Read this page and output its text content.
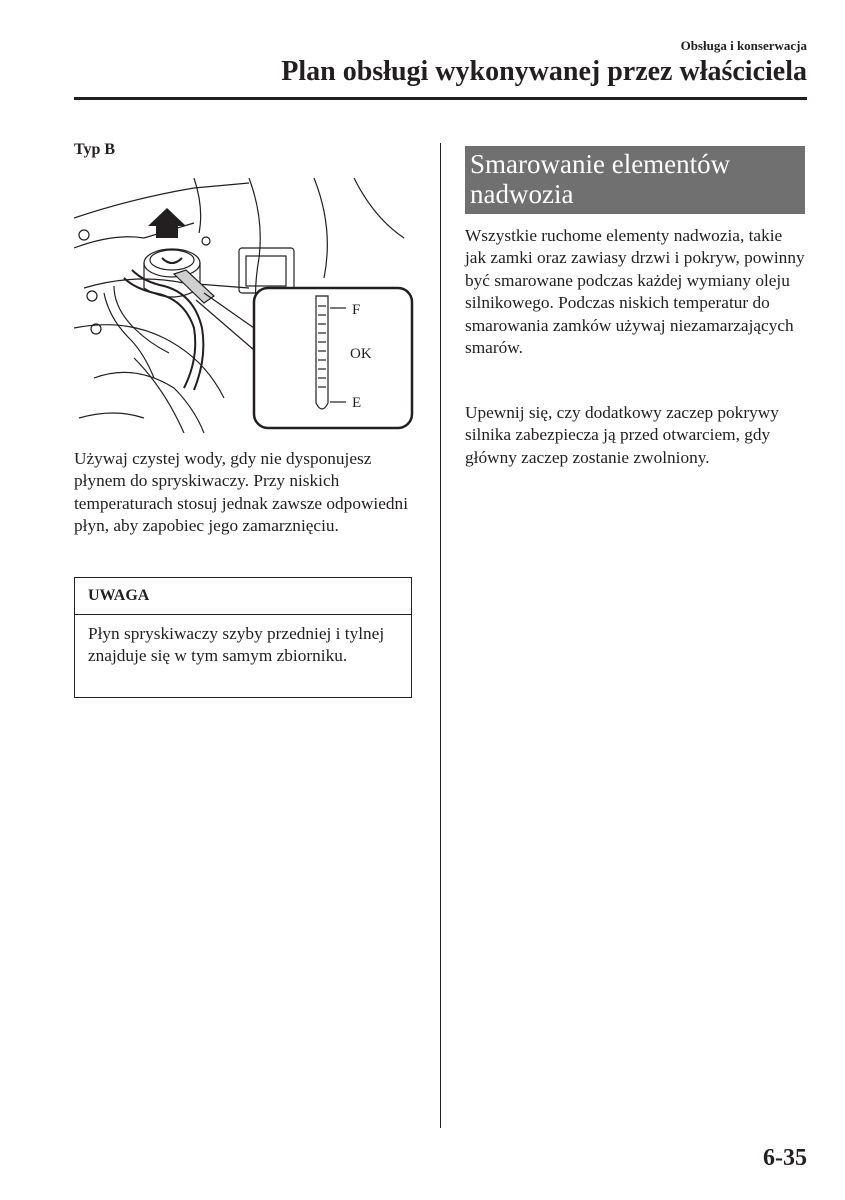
Obsługa i konserwacja
Plan obsługi wykonywanej przez właściciela
Typ B
F
OK
E

Używaj czystej wody, gdy nie dysponujesz płynem do spryskiwaczy. Przy niskich temperaturach stosuj jednak zawsze odpowiedni płyn, aby zapobiec jego zamarznięciu.

UWAGA

Płyn spryskiwaczy szyby przedniej i tylnej znajduje się w tym samym zbiorniku.

Smarowanie elementów nadwozia

Wszystkie ruchome elementy nadwozia, takie jak zamki oraz zawiasy drzwi i pokryw, powinny być smarowane podczas każdej wymiany oleju silnikowego. Podczas niskich temperatur do smarowania zamków używaj niezamarzających smarów.

Upewnij się, czy dodatkowy zaczep pokrywy silnika zabezpiecza ją przed otwarciem, gdy główny zaczep zostanie zwolniony.

6-35
